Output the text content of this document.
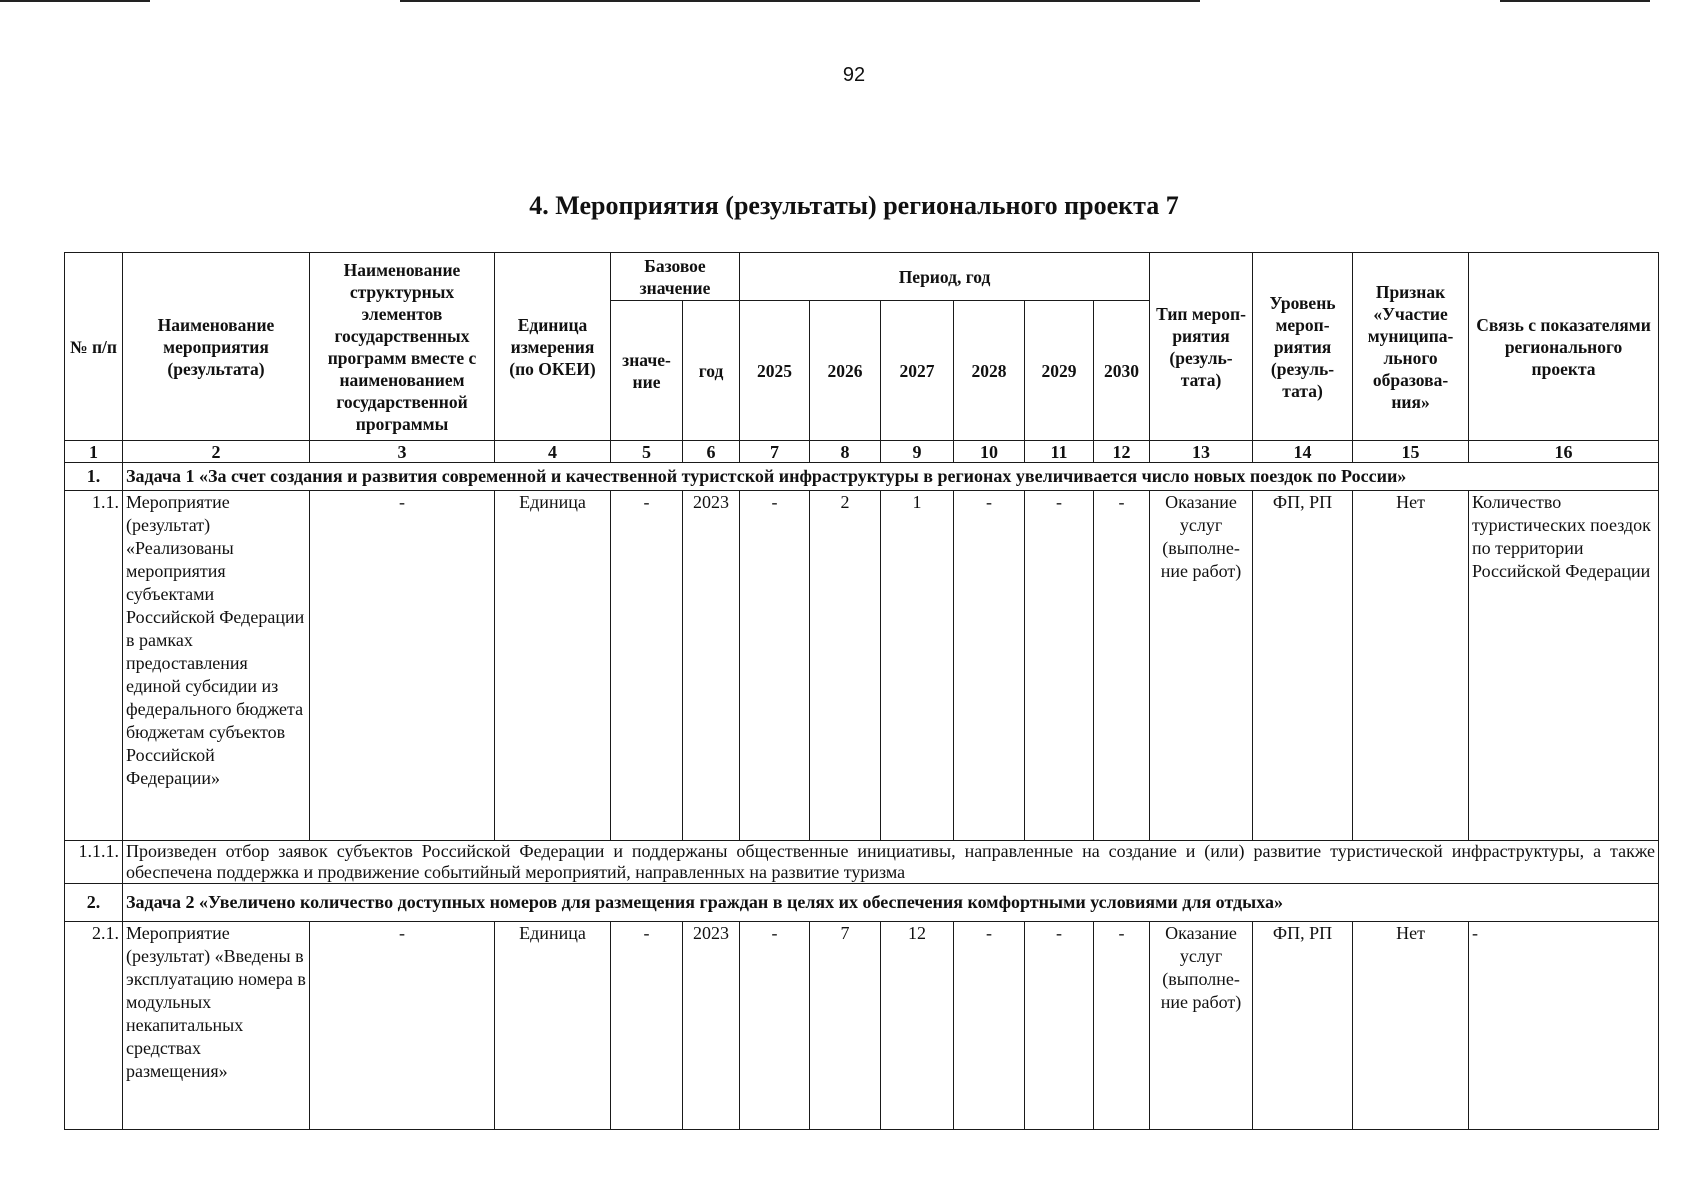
92
4. Мероприятия (результаты) регионального проекта 7
№ п/п	Наименование мероприятия (результата)	Наименование структурных элементов государственных программ вместе с наименованием государственной программы	Единица измерения (по ОКЕИ)	Базовое значение		Период, год						Тип мероп-риятия (резуль-тата)	Уровень мероп-риятия (резуль-тата)	Признак «Участие муниципа-льного образова-ния»	Связь с показателями регионального проекта
				значе-ние	год	2025	2026	2027	2028	2029	2030				
1	2	3	4	5	6	7	8	9	10	11	12	13	14	15	16
1.	Задача 1 «За счет создания и развития современной и качественной туристской инфраструктуры в регионах увеличивается число новых поездок по России»														
1.1.	Мероприятие (результат) «Реализованы мероприятия субъектами Российской Федерации в рамках предоставления единой субсидии из федерального бюджета бюджетам субъектов Российской Федерации»	-	Единица	-	2023	-	2	1	-	-	-	Оказание услуг (выполне-ние работ)	ФП, РП	Нет	Количество туристических поездок по территории Российской Федерации
1.1.1.	Произведен отбор заявок субъектов Российской Федерации и поддержаны общественные инициативы, направленные на создание и (или) развитие туристической инфраструктуры, а также обеспечена поддержка и продвижение событийный мероприятий, направленных на развитие туризма														
2.	Задача 2 «Увеличено количество доступных номеров для размещения граждан в целях их обеспечения комфортными условиями для отдыха»														
2.1.	Мероприятие (результат) «Введены в эксплуатацию номера в модульных некапитальных средствах размещения»	-	Единица	-	2023	-	7	12	-	-	-	Оказание услуг (выполне-ние работ)	ФП, РП	Нет	-
